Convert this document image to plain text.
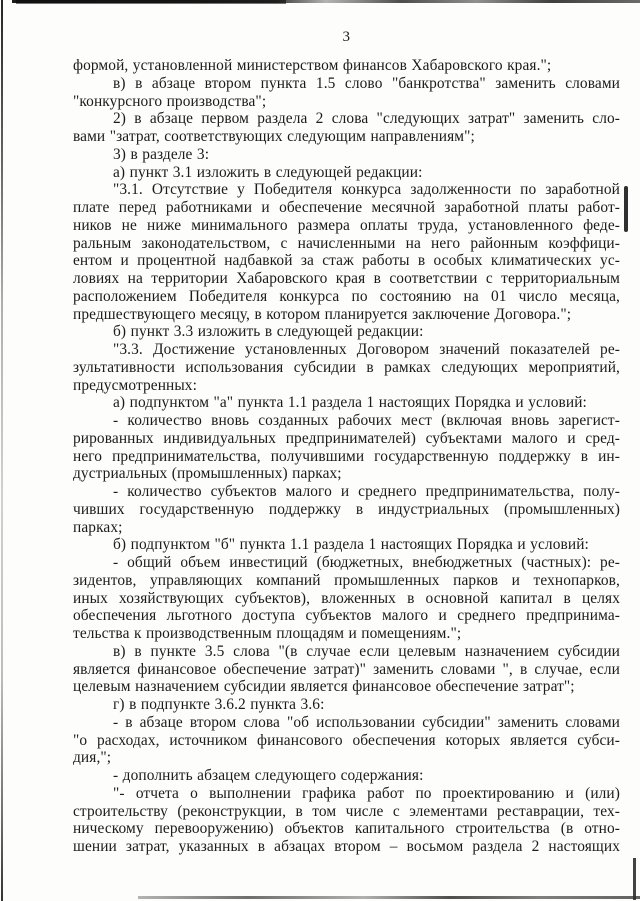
3
формой, установленной министерством финансов Хабаровского края.";
в) в абзаце втором пункта 1.5 слово "банкротства" заменить словами
"конкурсного производства";
2) в абзаце первом раздела 2 слова "следующих затрат" заменить сло-
вами "затрат, соответствующих следующим направлениям";
3) в разделе 3:
а) пункт 3.1 изложить в следующей редакции:
"3.1. Отсутствие у Победителя конкурса задолженности по заработной
плате перед работниками и обеспечение месячной заработной платы работ-
ников не ниже минимального размера оплаты труда, установленного феде-
ральным законодательством, с начисленными на него районным коэффици-
ентом и процентной надбавкой за стаж работы в особых климатических ус-
ловиях на территории Хабаровского края в соответствии с территориальным
расположением Победителя конкурса по состоянию на 01 число месяца,
предшествующего месяцу, в котором планируется заключение Договора.";
б) пункт 3.3 изложить в следующей редакции:
"3.3. Достижение установленных Договором значений показателей ре-
зультативности использования субсидии в рамках следующих мероприятий,
предусмотренных:
а) подпунктом "а" пункта 1.1 раздела 1 настоящих Порядка и условий:
- количество вновь созданных рабочих мест (включая вновь зарегист-
рированных индивидуальных предпринимателей) субъектами малого и сред-
него предпринимательства, получившими государственную поддержку в ин-
дустриальных (промышленных) парках;
- количество субъектов малого и среднего предпринимательства, полу-
чивших государственную поддержку в индустриальных (промышленных)
парках;
б) подпунктом "б" пункта 1.1 раздела 1 настоящих Порядка и условий:
- общий объем инвестиций (бюджетных, внебюджетных (частных): ре-
зидентов, управляющих компаний промышленных парков и технопарков,
иных хозяйствующих субъектов), вложенных в основной капитал в целях
обеспечения льготного доступа субъектов малого и среднего предпринима-
тельства к производственным площадям и помещениям.";
в) в пункте 3.5 слова "(в случае если целевым назначением субсидии
является финансовое обеспечение затрат)" заменить словами ", в случае, если
целевым назначением субсидии является финансовое обеспечение затрат";
г) в подпункте 3.6.2 пункта 3.6:
- в абзаце втором слова "об использовании субсидии" заменить словами
"о расходах, источником финансового обеспечения которых является субси-
дия,";
- дополнить абзацем следующего содержания:
"- отчета о выполнении графика работ по проектированию и (или)
строительству (реконструкции, в том числе с элементами реставрации, тех-
ническому перевооружению) объектов капитального строительства (в отно-
шении затрат, указанных в абзацах втором – восьмом раздела 2 настоящих
